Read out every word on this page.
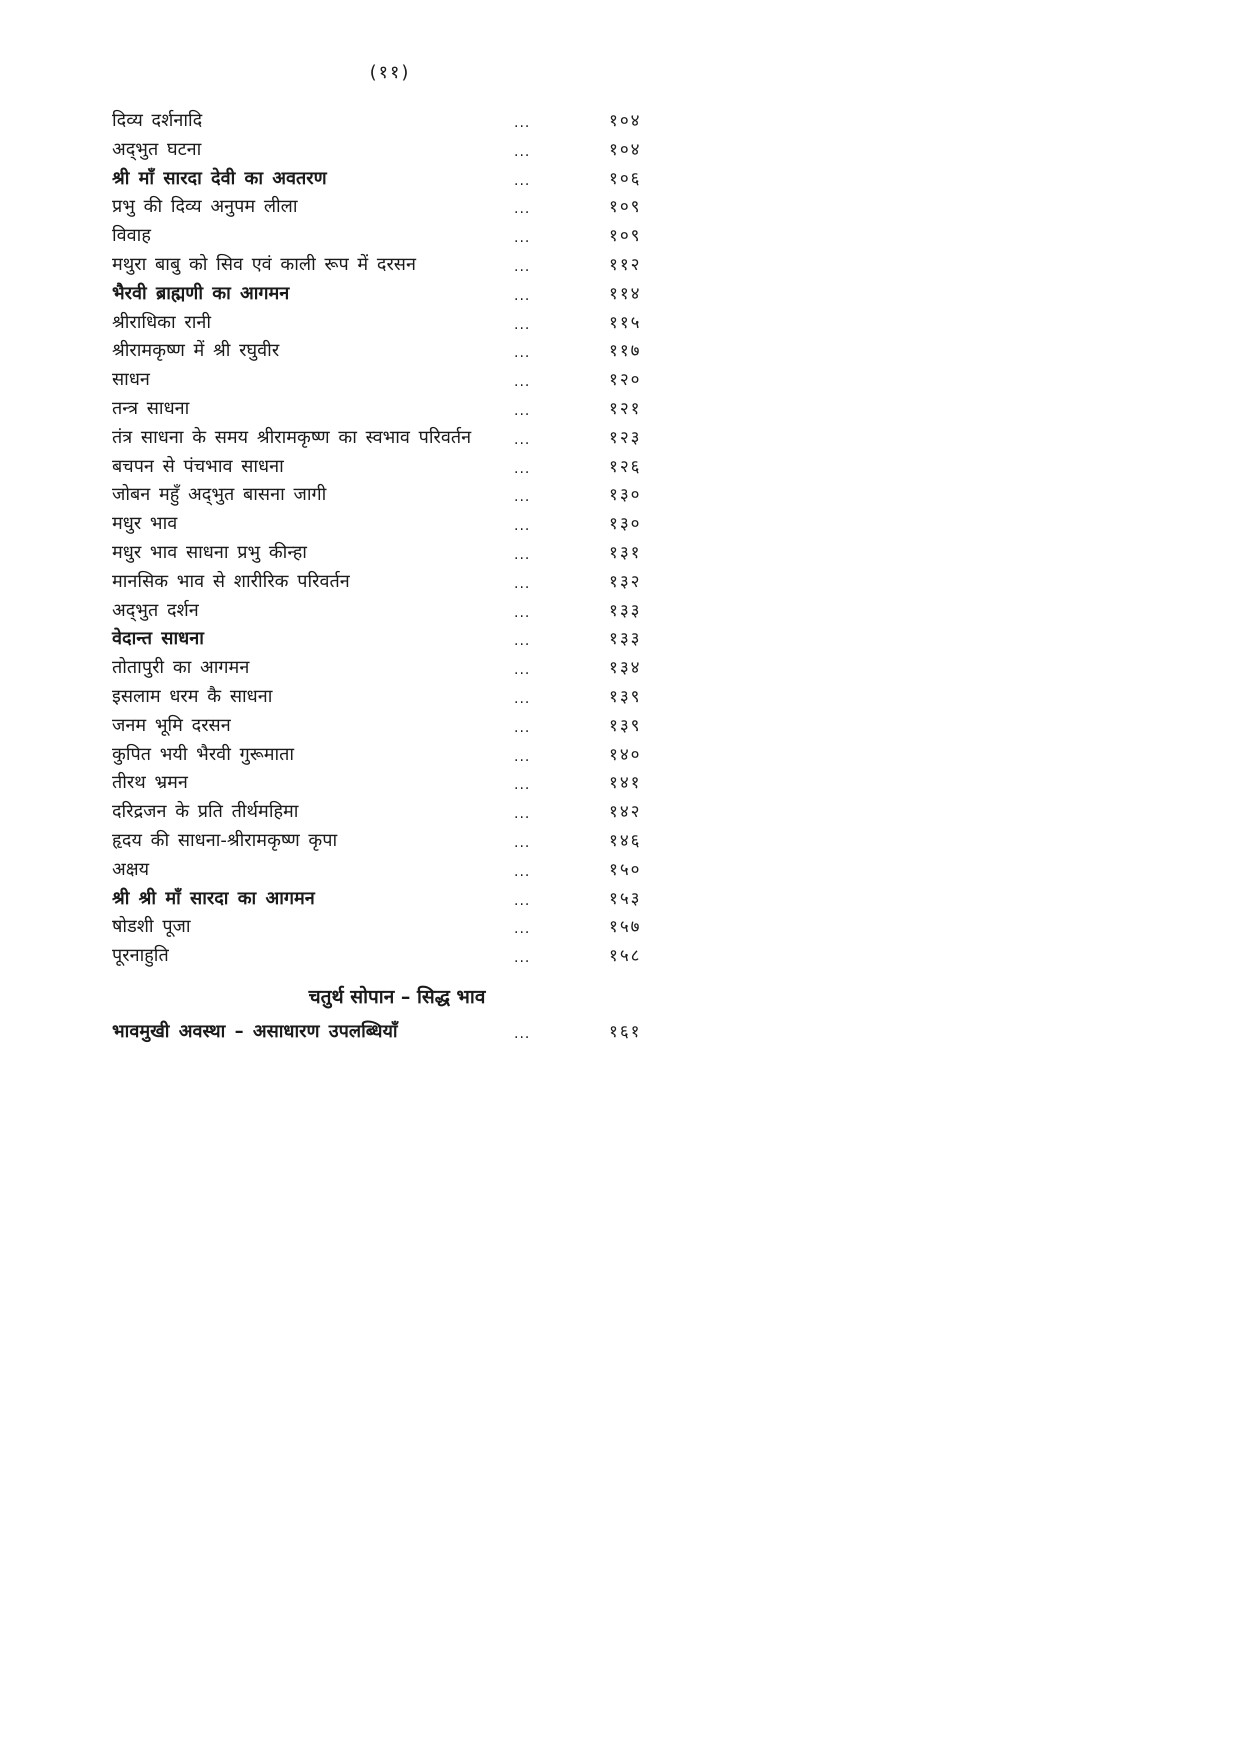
(११)
दिव्य दर्शनादि	...	१०४
अद्‌भुत घटना	...	१०४
श्री माँ सारदा देवी का अवतरण	...	१०६
प्रभु की दिव्य अनुपम लीला	...	१०९
विवाह	...	१०९
मथुरा बाबु को सिव एवं काली रूप में दरसन	...	११२
भैरवी ब्राह्मणी का आगमन	...	११४
श्रीराधिका रानी	...	११५
श्रीरामकृष्ण में श्री रघुवीर	...	११७
साधन	...	१२०
तन्त्र साधना	...	१२१
तंत्र साधना के समय श्रीरामकृष्ण का स्वभाव परिवर्तन	...	१२३
बचपन से पंचभाव साधना	...	१२६
जोबन महुँ अद्‌भुत बासना जागी	...	१३०
मधुर भाव	...	१३०
मधुर भाव साधना प्रभु कीन्हा	...	१३१
मानसिक भाव से शारीरिक परिवर्तन	...	१३२
अद्‌भुत दर्शन	...	१३३
वेदान्त साधना	...	१३३
तोतापुरी का आगमन	...	१३४
इसलाम धरम कै साधना	...	१३९
जनम भूमि दरसन	...	१३९
कुपित भयी भैरवी गुरूमाता	...	१४०
तीरथ भ्रमन	...	१४१
दरिद्रजन के प्रति तीर्थमहिमा	...	१४२
हृदय की साधना-श्रीरामकृष्ण कृपा	...	१४६
अक्षय	...	१५०
श्री श्री माँ सारदा का आगमन	...	१५३
षोडशी पूजा	...	१५७
पूरनाहुति	...	१५८
चतुर्थ सोपान – सिद्ध भाव
भावमुखी अवस्था – असाधारण उपलब्धियाँ	...	१६१
